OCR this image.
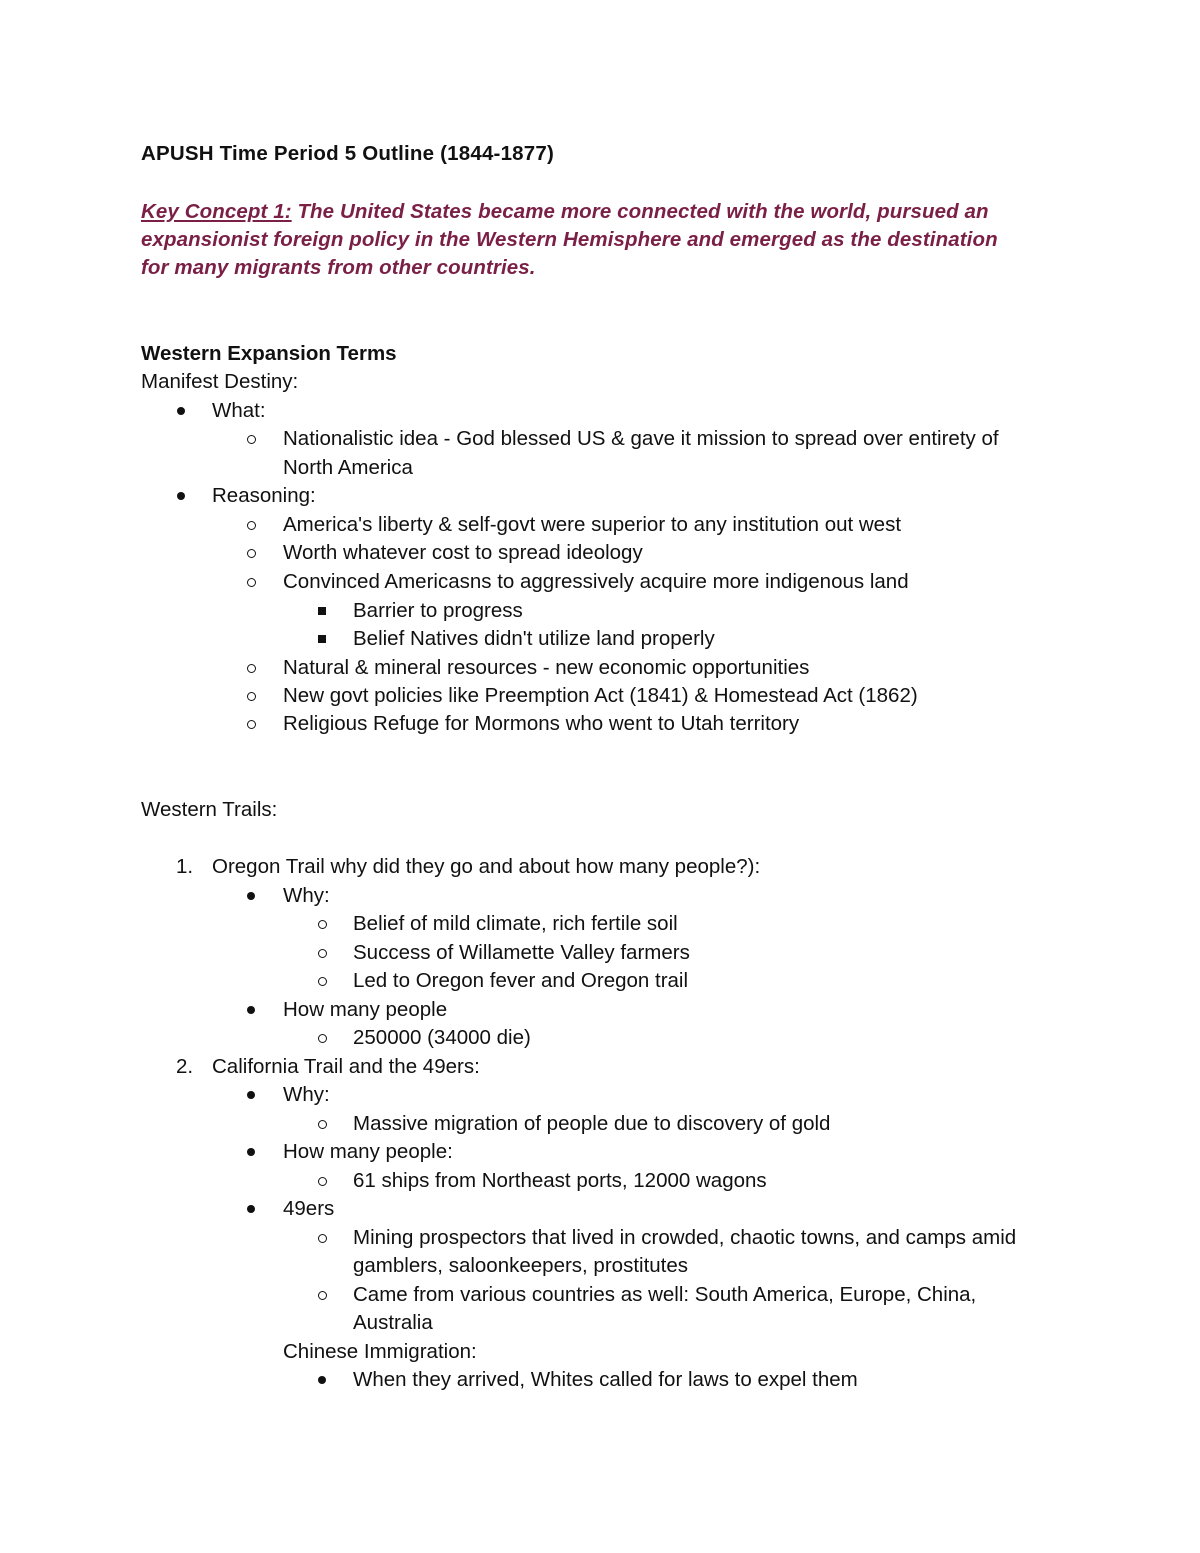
APUSH Time Period 5 Outline (1844-1877)
Key Concept 1: The United States became more connected with the world, pursued an
expansionist foreign policy in the Western Hemisphere and emerged as the destination
for many migrants from other countries.
Western Expansion Terms
Manifest Destiny:
What:
Nationalistic idea - God blessed US & gave it mission to spread over entirety of
North America
Reasoning:
America's liberty & self-govt were superior to any institution out west
Worth whatever cost to spread ideology
Convinced Americasns to aggressively acquire more indigenous land
Barrier to progress
Belief Natives didn't utilize land properly
Natural & mineral resources - new economic opportunities
New govt policies like Preemption Act (1841) & Homestead Act (1862)
Religious Refuge for Mormons who went to Utah territory
Western Trails:
1. Oregon Trail why did they go and about how many people?):
Why:
Belief of mild climate, rich fertile soil
Success of Willamette Valley farmers
Led to Oregon fever and Oregon trail
How many people
250000 (34000 die)
2. California Trail and the 49ers:
Why:
Massive migration of people due to discovery of gold
How many people:
61 ships from Northeast ports, 12000 wagons
49ers
Mining prospectors that lived in crowded, chaotic towns, and camps amid
gamblers, saloonkeepers, prostitutes
Came from various countries as well: South America, Europe, China,
Australia
Chinese Immigration:
When they arrived, Whites called for laws to expel them
